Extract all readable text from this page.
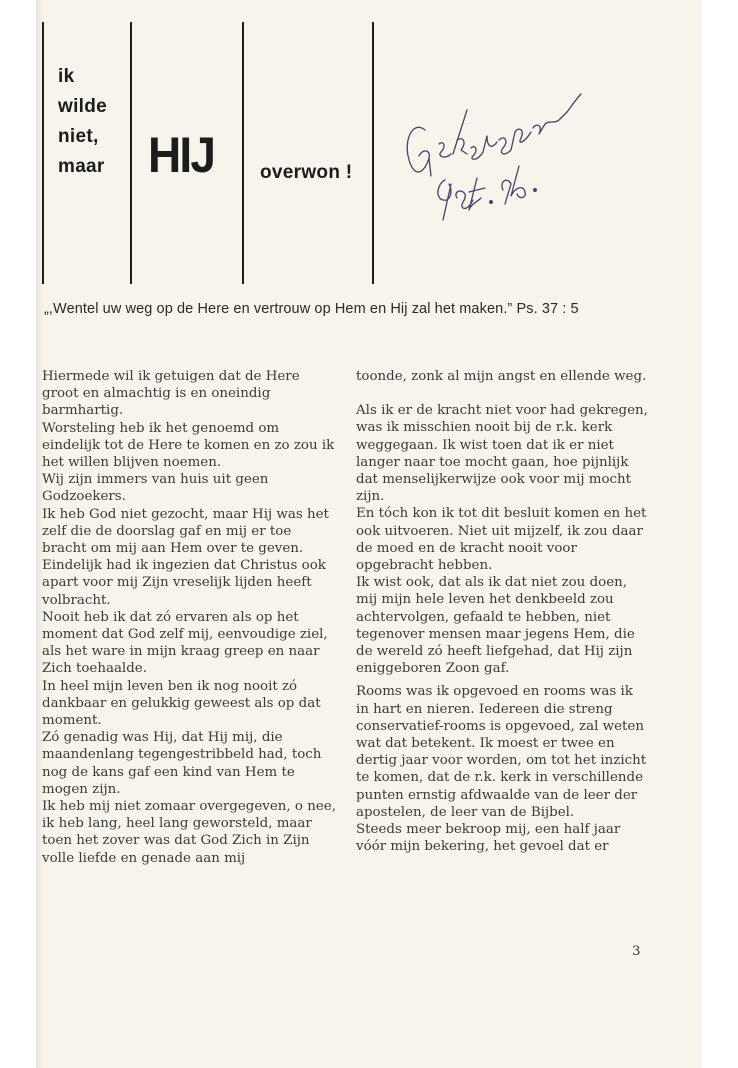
ik
wilde
niet,
maar HIJ overwon !
„,Wentel uw weg op de Here en vertrouw op Hem en Hij zal het maken.” Ps. 37 : 5

Hiermede wil ik getuigen dat de Here groot en almachtig is en oneindig barmhartig.

Worsteling heb ik het genoemd om eindelijk tot de Here te komen en zo zou ik het willen blijven noemen.

Wij zijn immers van huis uit geen Godzoekers.

Ik heb God niet gezocht, maar Hij was het zelf die de doorslag gaf en mij er toe bracht om mij aan Hem over te geven.

Eindelijk had ik ingezien dat Christus ook apart voor mij Zijn vreselijk lijden heeft volbracht.

Nooit heb ik dat zó ervaren als op het moment dat God zelf mij, eenvoudige ziel, als het ware in mijn kraag greep en naar Zich toehaalde.

In heel mijn leven ben ik nog nooit zó dankbaar en gelukkig geweest als op dat moment.

Zó genadig was Hij, dat Hij mij, die maandenlang tegengestribbeld had, toch nog de kans gaf een kind van Hem te mogen zijn.

Ik heb mij niet zomaar overgegeven, o nee, ik heb lang, heel lang geworsteld, maar toen het zover was dat God Zich in Zijn volle liefde en genade aan mij

toonde, zonk al mijn angst en ellende weg.

Als ik er de kracht niet voor had gekregen, was ik misschien nooit bij de r.k. kerk weggegaan. Ik wist toen dat ik er niet langer naar toe mocht gaan, hoe pijnlijk dat menselijkerwijze ook voor mij mocht zijn.

En tóch kon ik tot dit besluit komen en het ook uitvoeren. Niet uit mijzelf, ik zou daar de moed en de kracht nooit voor opgebracht hebben.

Ik wist ook, dat als ik dat niet zou doen, mij mijn hele leven het denkbeeld zou achtervolgen, gefaald te hebben, niet tegenover mensen maar jegens Hem, die de wereld zó heeft liefgehad, dat Hij zijn eniggeboren Zoon gaf.

Rooms was ik opgevoed en rooms was ik in hart en nieren. Iedereen die streng conservatief-rooms is opgevoed, zal weten wat dat betekent. Ik moest er twee en dertig jaar voor worden, om tot het inzicht te komen, dat de r.k. kerk in verschillende punten ernstig afdwaalde van de leer der apostelen, de leer van de Bijbel.

Steeds meer bekroop mij, een half jaar vóór mijn bekering, het gevoel dat er

3
